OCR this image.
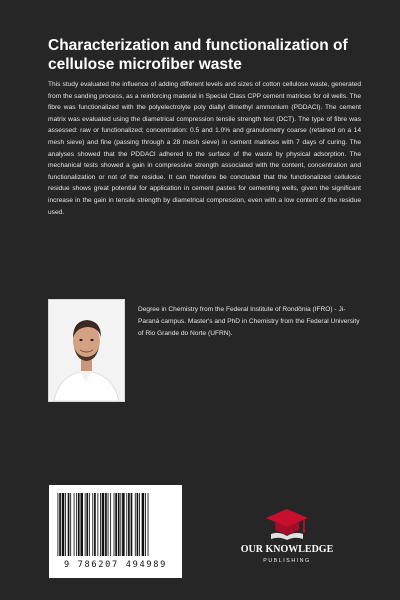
Characterization and functionalization of cellulose microfiber waste

This study evaluated the influence of adding different levels and sizes of cotton cellulose waste, generated from the sanding process, as a reinforcing material in Special Class CPP cement matrices for oil wells. The fibre was functionalized with the polyelectrolyte poly diallyl dimethyl ammonium (PDDACl). The cement matrix was evaluated using the diametrical compression tensile strength test (DCT). The type of fibre was assessed: raw or functionalized; concentration: 0.5 and 1.0% and granulometry coarse (retained on a 14 mesh sieve) and fine (passing through a 28 mesh sieve) in cement matrices with 7 days of curing. The analyses showed that the PDDACl adhered to the surface of the waste by physical adsorption. The mechanical tests showed a gain in compressive strength associated with the content, concentration and functionalization or not of the residue. It can therefore be concluded that the functionalized cellulosic residue shows great potential for application in cement pastes for cementing wells, given the significant increase in the gain in tensile strength by diametrical compression, even with a low content of the residue used.

Degree in Chemistry from the Federal Institute of Rondônia (IFRO) - Ji-Paraná campus. Master's and PhD in Chemistry from the Federal University of Rio Grande do Norte (UFRN).

9 786207 494989
OUR KNOWLEDGE
PUBLISHING
